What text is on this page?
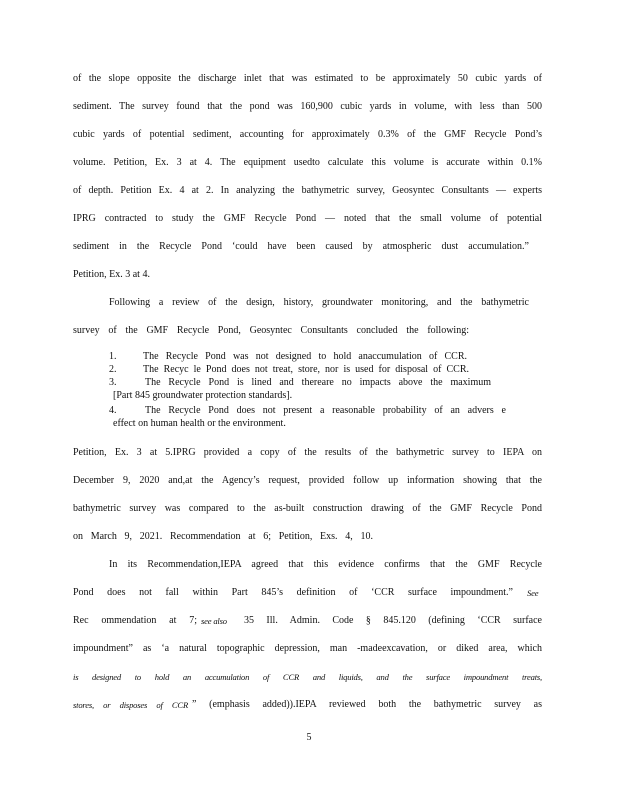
of the slope opposite the discharge inlet that was estimated to be approximately 50 cubic yards of
sediment. The survey found that the pond was 160,900 cubic yards in volume, with less than 500
cubic yards of potential sediment, accounting for approximately 0.3% of the GMF Recycle Pond’s
volume. Petition, Ex. 3 at 4. The equipment usedto calculate this volume is accurate within 0.1%
of depth. Petition Ex. 4 at 2. In analyzing the bathymetric survey, Geosyntec Consultants — experts
IPRG contracted to study the GMF Recycle Pond — noted that the small volume of potential
sediment in the Recycle Pond ‘could have been caused by atmospheric dust accumulation.”
Petition, Ex. 3 at 4.
Following a review of the design, history, groundwater monitoring, and the bathymetric
survey of the GMF Recycle Pond, Geosyntec Consultants concluded the following:
1.	The Recycle Pond was not designed to hold anaccumulation of CCR.
2.	The Recyc le Pond does not treat, store, nor is used for disposal of CCR.
3.	The Recycle Pond is lined and thereare no impacts above the maximum
[Part 845 groundwater protection standards].
4.	The Recycle Pond does not present a reasonable probability of an advers e
effect on human health or the environment.
Petition, Ex. 3 at 5.IPRG provided a copy of the results of the bathymetric survey to IEPA on
December 9, 2020 and,at the Agency’s request, provided follow up information showing that the
bathymetric survey was compared to the as-built construction drawing of the GMF Recycle Pond
on March 9, 2021. Recommendation at 6; Petition, Exs. 4, 10.
In its Recommendation,IEPA agreed that this evidence confirms that the GMF Recycle
Pond does not fall within Part 845’s definition of ‘CCR surface impoundment.” See
Rec ommendation at 7; see also 35 Ill. Admin. Code § 845.120 (defining ‘CCR surface
impoundment” as ‘a natural topographic depression, man -madeexcavation, or diked area, which
is designed to hold an accumulation of CCR and liquids, and the surface impoundment treats,
stores, or disposes of CCR ” (emphasis added)).IEPA reviewed both the bathymetric survey as
5
